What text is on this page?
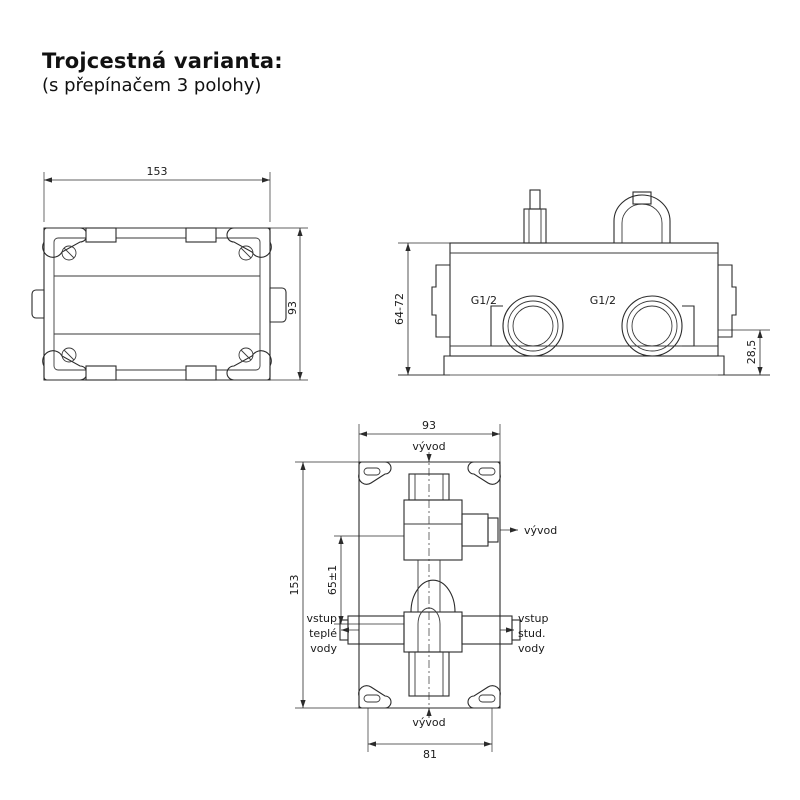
Trojcestná varianta:
(s přepínačem 3 polohy)
153
93	64-72
28,5
G1/2	G1/2
93
153 65±1
81
vývod
vývod
vývod
vstup
teplé
vody
vstup
stud.
vody
